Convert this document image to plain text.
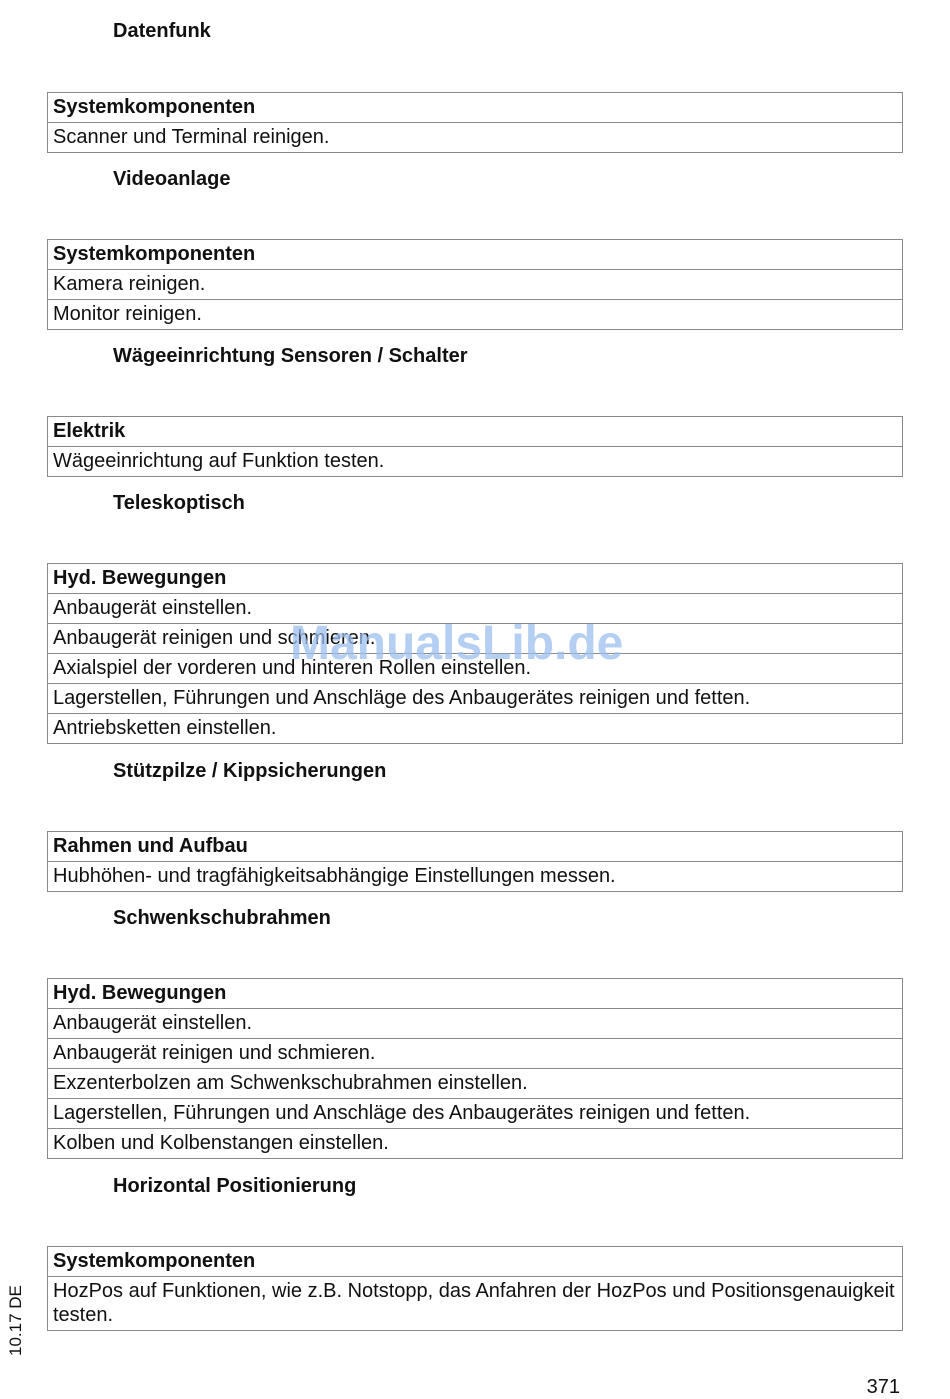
Datenfunk
Systemkomponenten
Scanner und Terminal reinigen.
Videoanlage
Systemkomponenten
Kamera reinigen.
Monitor reinigen.
Wägeeinrichtung Sensoren / Schalter
Elektrik
Wägeeinrichtung auf Funktion testen.
Teleskoptisch
Hyd. Bewegungen
Anbaugerät einstellen.
Anbaugerät reinigen und schmieren.
Axialspiel der vorderen und hinteren Rollen einstellen.
Lagerstellen, Führungen und Anschläge des Anbaugerätes reinigen und fetten.
Antriebsketten einstellen.
Stützpilze / Kippsicherungen
Rahmen und Aufbau
Hubhöhen- und tragfähigkeitsabhängige Einstellungen messen.
Schwenkschubrahmen
Hyd. Bewegungen
Anbaugerät einstellen.
Anbaugerät reinigen und schmieren.
Exzenterbolzen am Schwenkschubrahmen einstellen.
Lagerstellen, Führungen und Anschläge des Anbaugerätes reinigen und fetten.
Kolben und Kolbenstangen einstellen.
Horizontal Positionierung
Systemkomponenten
HozPos auf Funktionen, wie z.B. Notstopp, das Anfahren der HozPos und Positionsgenauigkeit testen.
ManualsLib.de
10.17 DE
371
